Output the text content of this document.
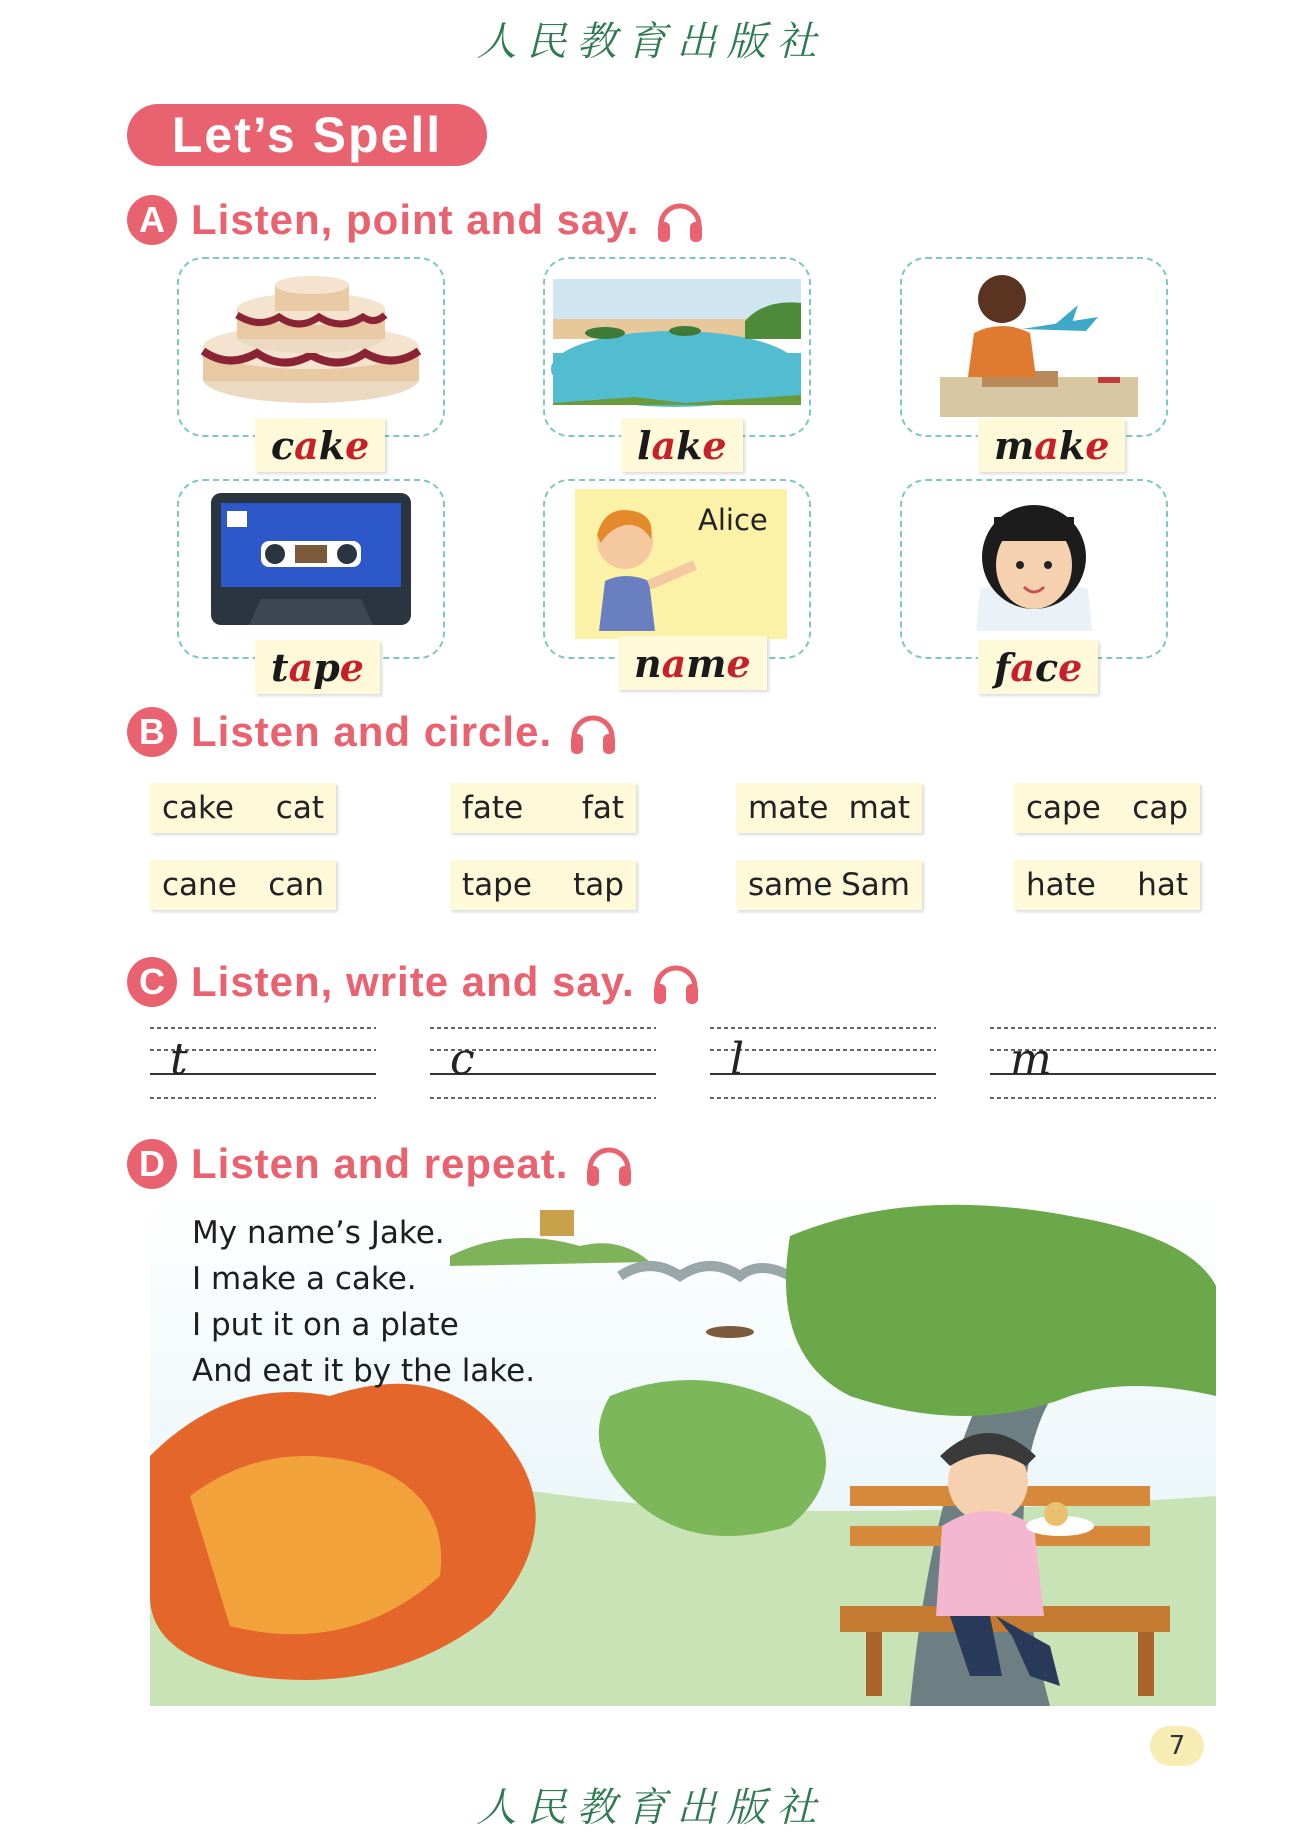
人民教育出版社
Let’s Spell
A Listen, point and say.
c a k e	l a k e	m a k e
t a p e
Alice
n a m e	f a c e
B Listen and circle.
cake cat	fate fat	mate mat	cape cap
cane can	tape tap	same Sam	hate hat
C Listen, write and say.
t	c	l	m
D Listen and repeat.
My name’s Jake.
I make a cake.
I put it on a plate
And eat it by the lake.
7
人民教育出版社
